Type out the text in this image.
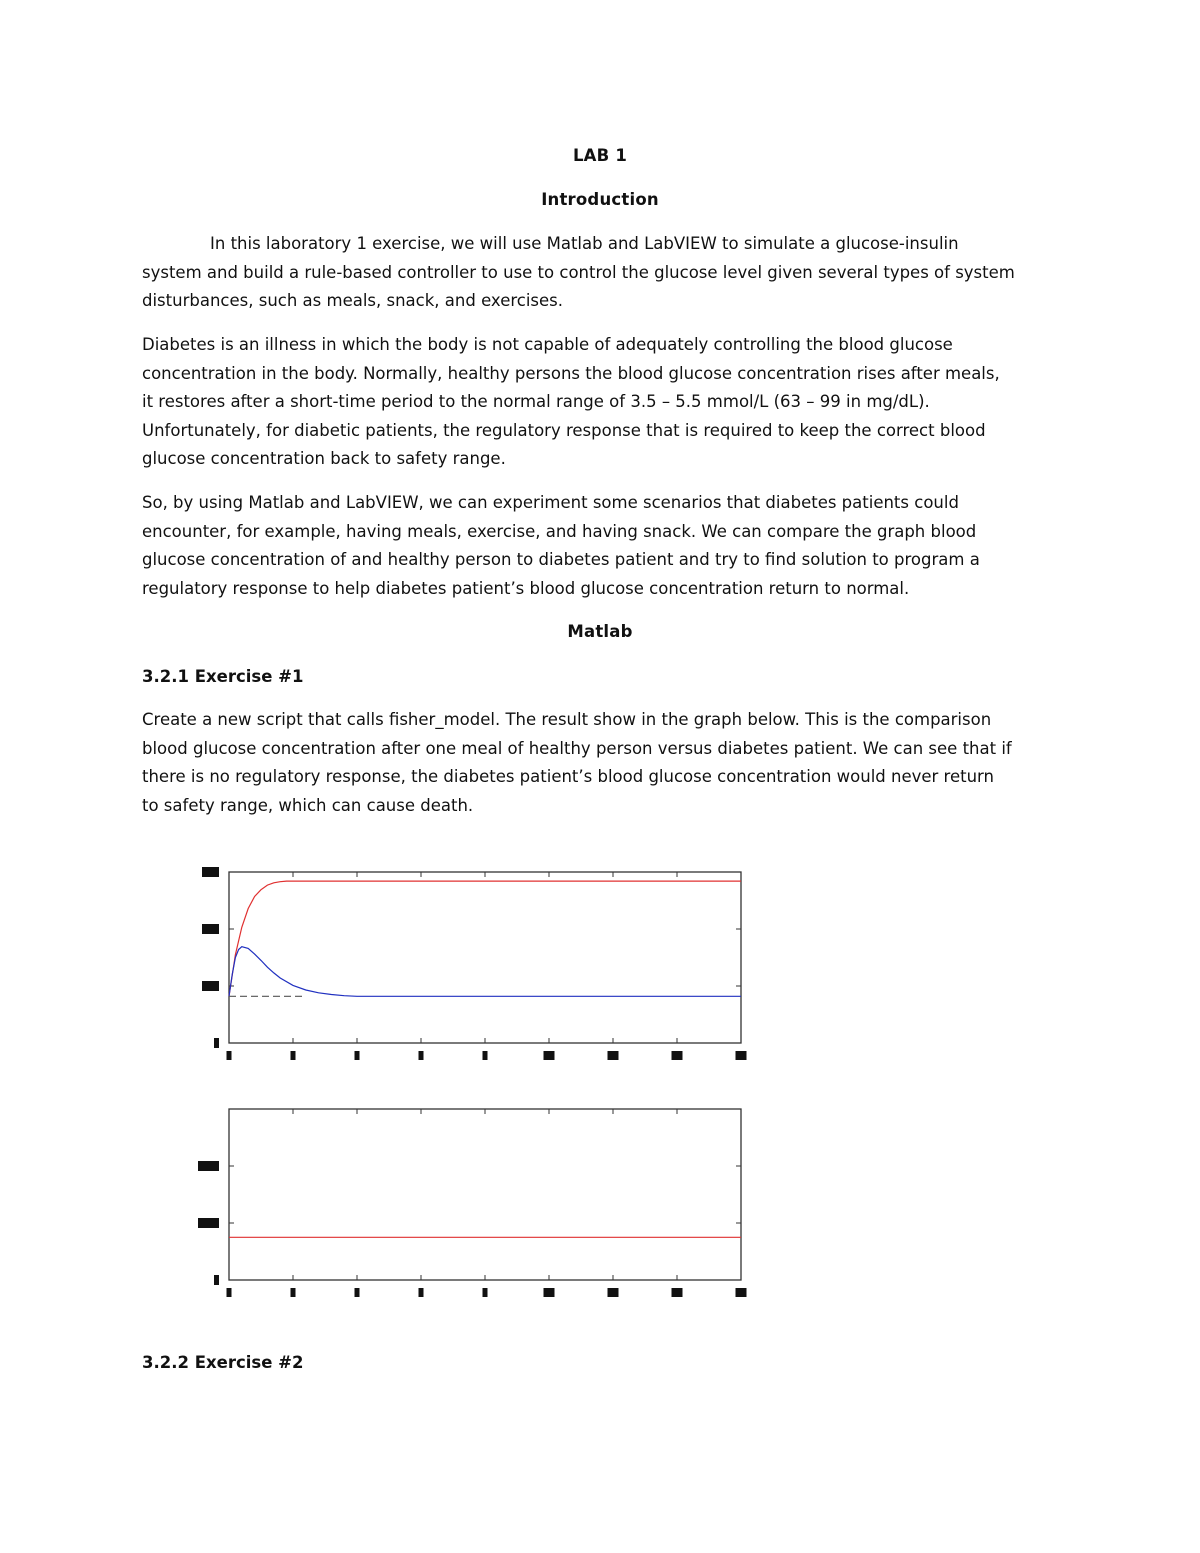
LAB 1
Introduction

In this laboratory 1 exercise, we will use Matlab and LabVIEW to simulate a glucose-insulin
system and build a rule-based controller to use to control the glucose level given several types of system
disturbances, such as meals, snack, and exercises.

Diabetes is an illness in which the body is not capable of adequately controlling the blood glucose
concentration in the body. Normally, healthy persons the blood glucose concentration rises after meals,
it restores after a short-time period to the normal range of 3.5 – 5.5 mmol/L (63 – 99 in mg/dL).
Unfortunately, for diabetic patients, the regulatory response that is required to keep the correct blood
glucose concentration back to safety range.

So, by using Matlab and LabVIEW, we can experiment some scenarios that diabetes patients could
encounter, for example, having meals, exercise, and having snack. We can compare the graph blood
glucose concentration of and healthy person to diabetes patient and try to find solution to program a
regulatory response to help diabetes patient’s blood glucose concentration return to normal.

Matlab
3.2.1 Exercise #1

Create a new script that calls fisher_model. The result show in the graph below. This is the comparison
blood glucose concentration after one meal of healthy person versus diabetes patient. We can see that if
there is no regulatory response, the diabetes patient’s blood glucose concentration would never return
to safety range, which can cause death.

3.2.2 Exercise #2
